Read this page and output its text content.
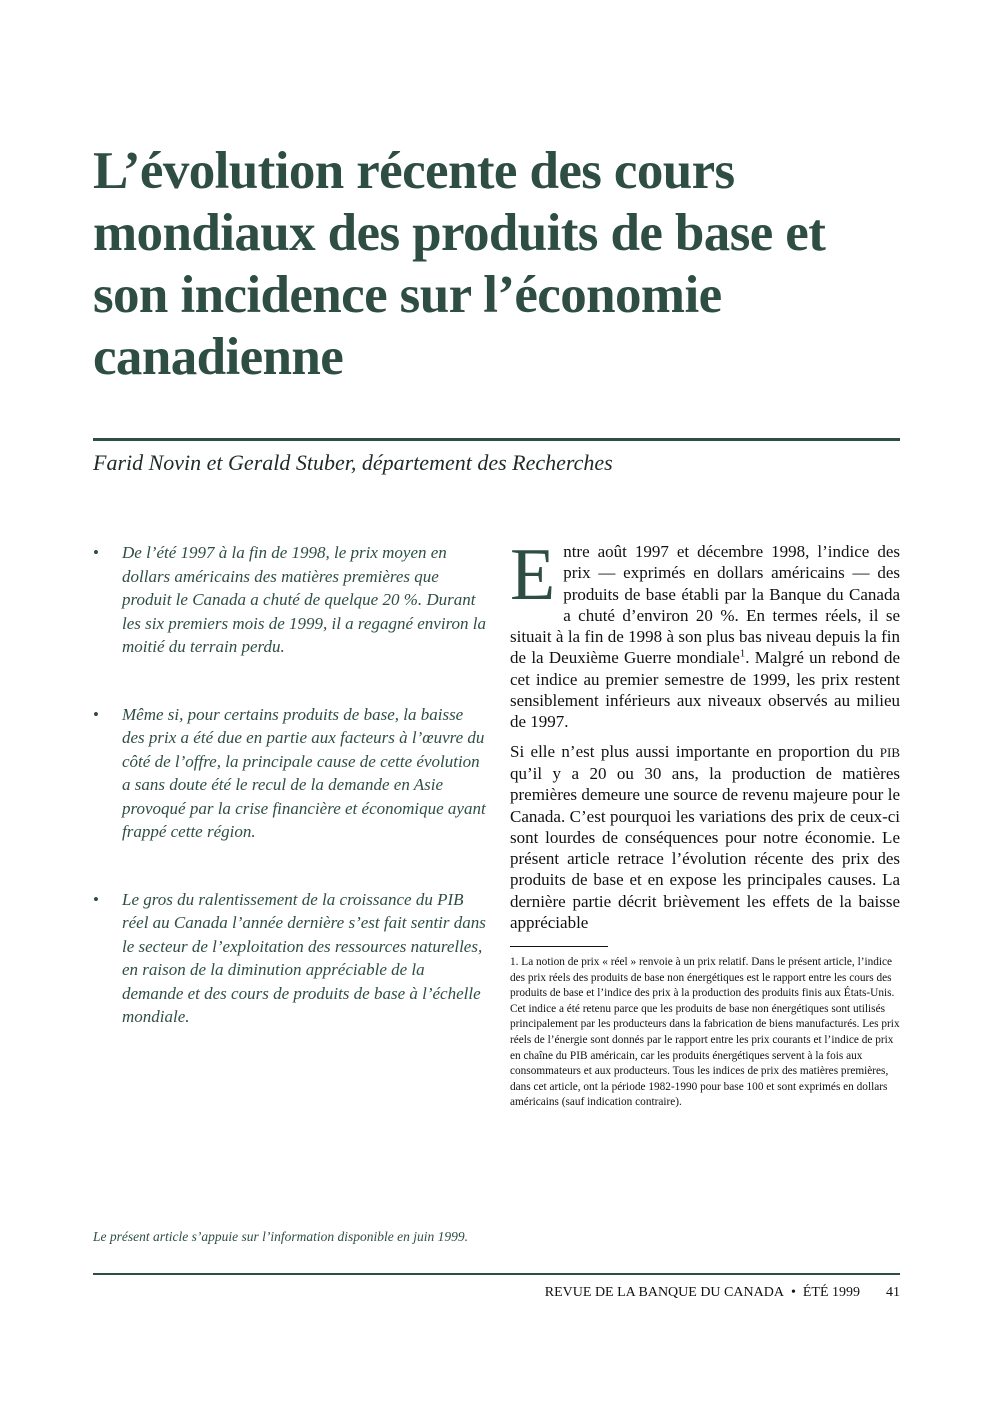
L’évolution récente des cours mondiaux des produits de base et son incidence sur l’économie canadienne

Farid Novin et Gerald Stuber, département des Recherches

• De l’été 1997 à la fin de 1998, le prix moyen en dollars américains des matières premières que produit le Canada a chuté de quelque 20 %. Durant les six premiers mois de 1999, il a regagné environ la moitié du terrain perdu.
• Même si, pour certains produits de base, la baisse des prix a été due en partie aux facteurs à l’œuvre du côté de l’offre, la principale cause de cette évolution a sans doute été le recul de la demande en Asie provoqué par la crise financière et économique ayant frappé cette région.
• Le gros du ralentissement de la croissance du PIB réel au Canada l’année dernière s’est fait sentir dans le secteur de l’exploitation des ressources naturelles, en raison de la diminution appréciable de la demande et des cours de produits de base à l’échelle mondiale.

Entre août 1997 et décembre 1998, l’indice des prix — exprimés en dollars américains — des produits de base établi par la Banque du Canada a chuté d’environ 20 %. En termes réels, il se situait à la fin de 1998 à son plus bas niveau depuis la fin de la Deuxième Guerre mondiale$^1$. Malgré un rebond de cet indice au premier semestre de 1999, les prix restent sensiblement inférieurs aux niveaux observés au milieu de 1997.

Si elle n’est plus aussi importante en proportion du PIB qu’il y a 20 ou 30 ans, la production de matières premières demeure une source de revenu majeure pour le Canada. C’est pourquoi les variations des prix de ceux-ci sont lourdes de conséquences pour notre économie. Le présent article retrace l’évolution récente des prix des produits de base et en expose les principales causes. La dernière partie décrit brièvement les effets de la baisse appréciable

1. La notion de prix « réel » renvoie à un prix relatif. Dans le présent article, l’indice des prix réels des produits de base non énergétiques est le rapport entre les cours des produits de base et l’indice des prix à la production des produits finis aux États-Unis. Cet indice a été retenu parce que les produits de base non énergétiques sont utilisés principalement par les producteurs dans la fabrication de biens manufacturés. Les prix réels de l’énergie sont donnés par le rapport entre les prix courants et l’indice de prix en chaîne du PIB américain, car les produits énergétiques servent à la fois aux consommateurs et aux producteurs. Tous les indices de prix des matières premières, dans cet article, ont la période 1982-1990 pour base 100 et sont exprimés en dollars américains (sauf indication contraire).

Le présent article s’appuie sur l’information disponible en juin 1999.

REVUE DE LA BANQUE DU CANADA • ÉTÉ 1999 41
